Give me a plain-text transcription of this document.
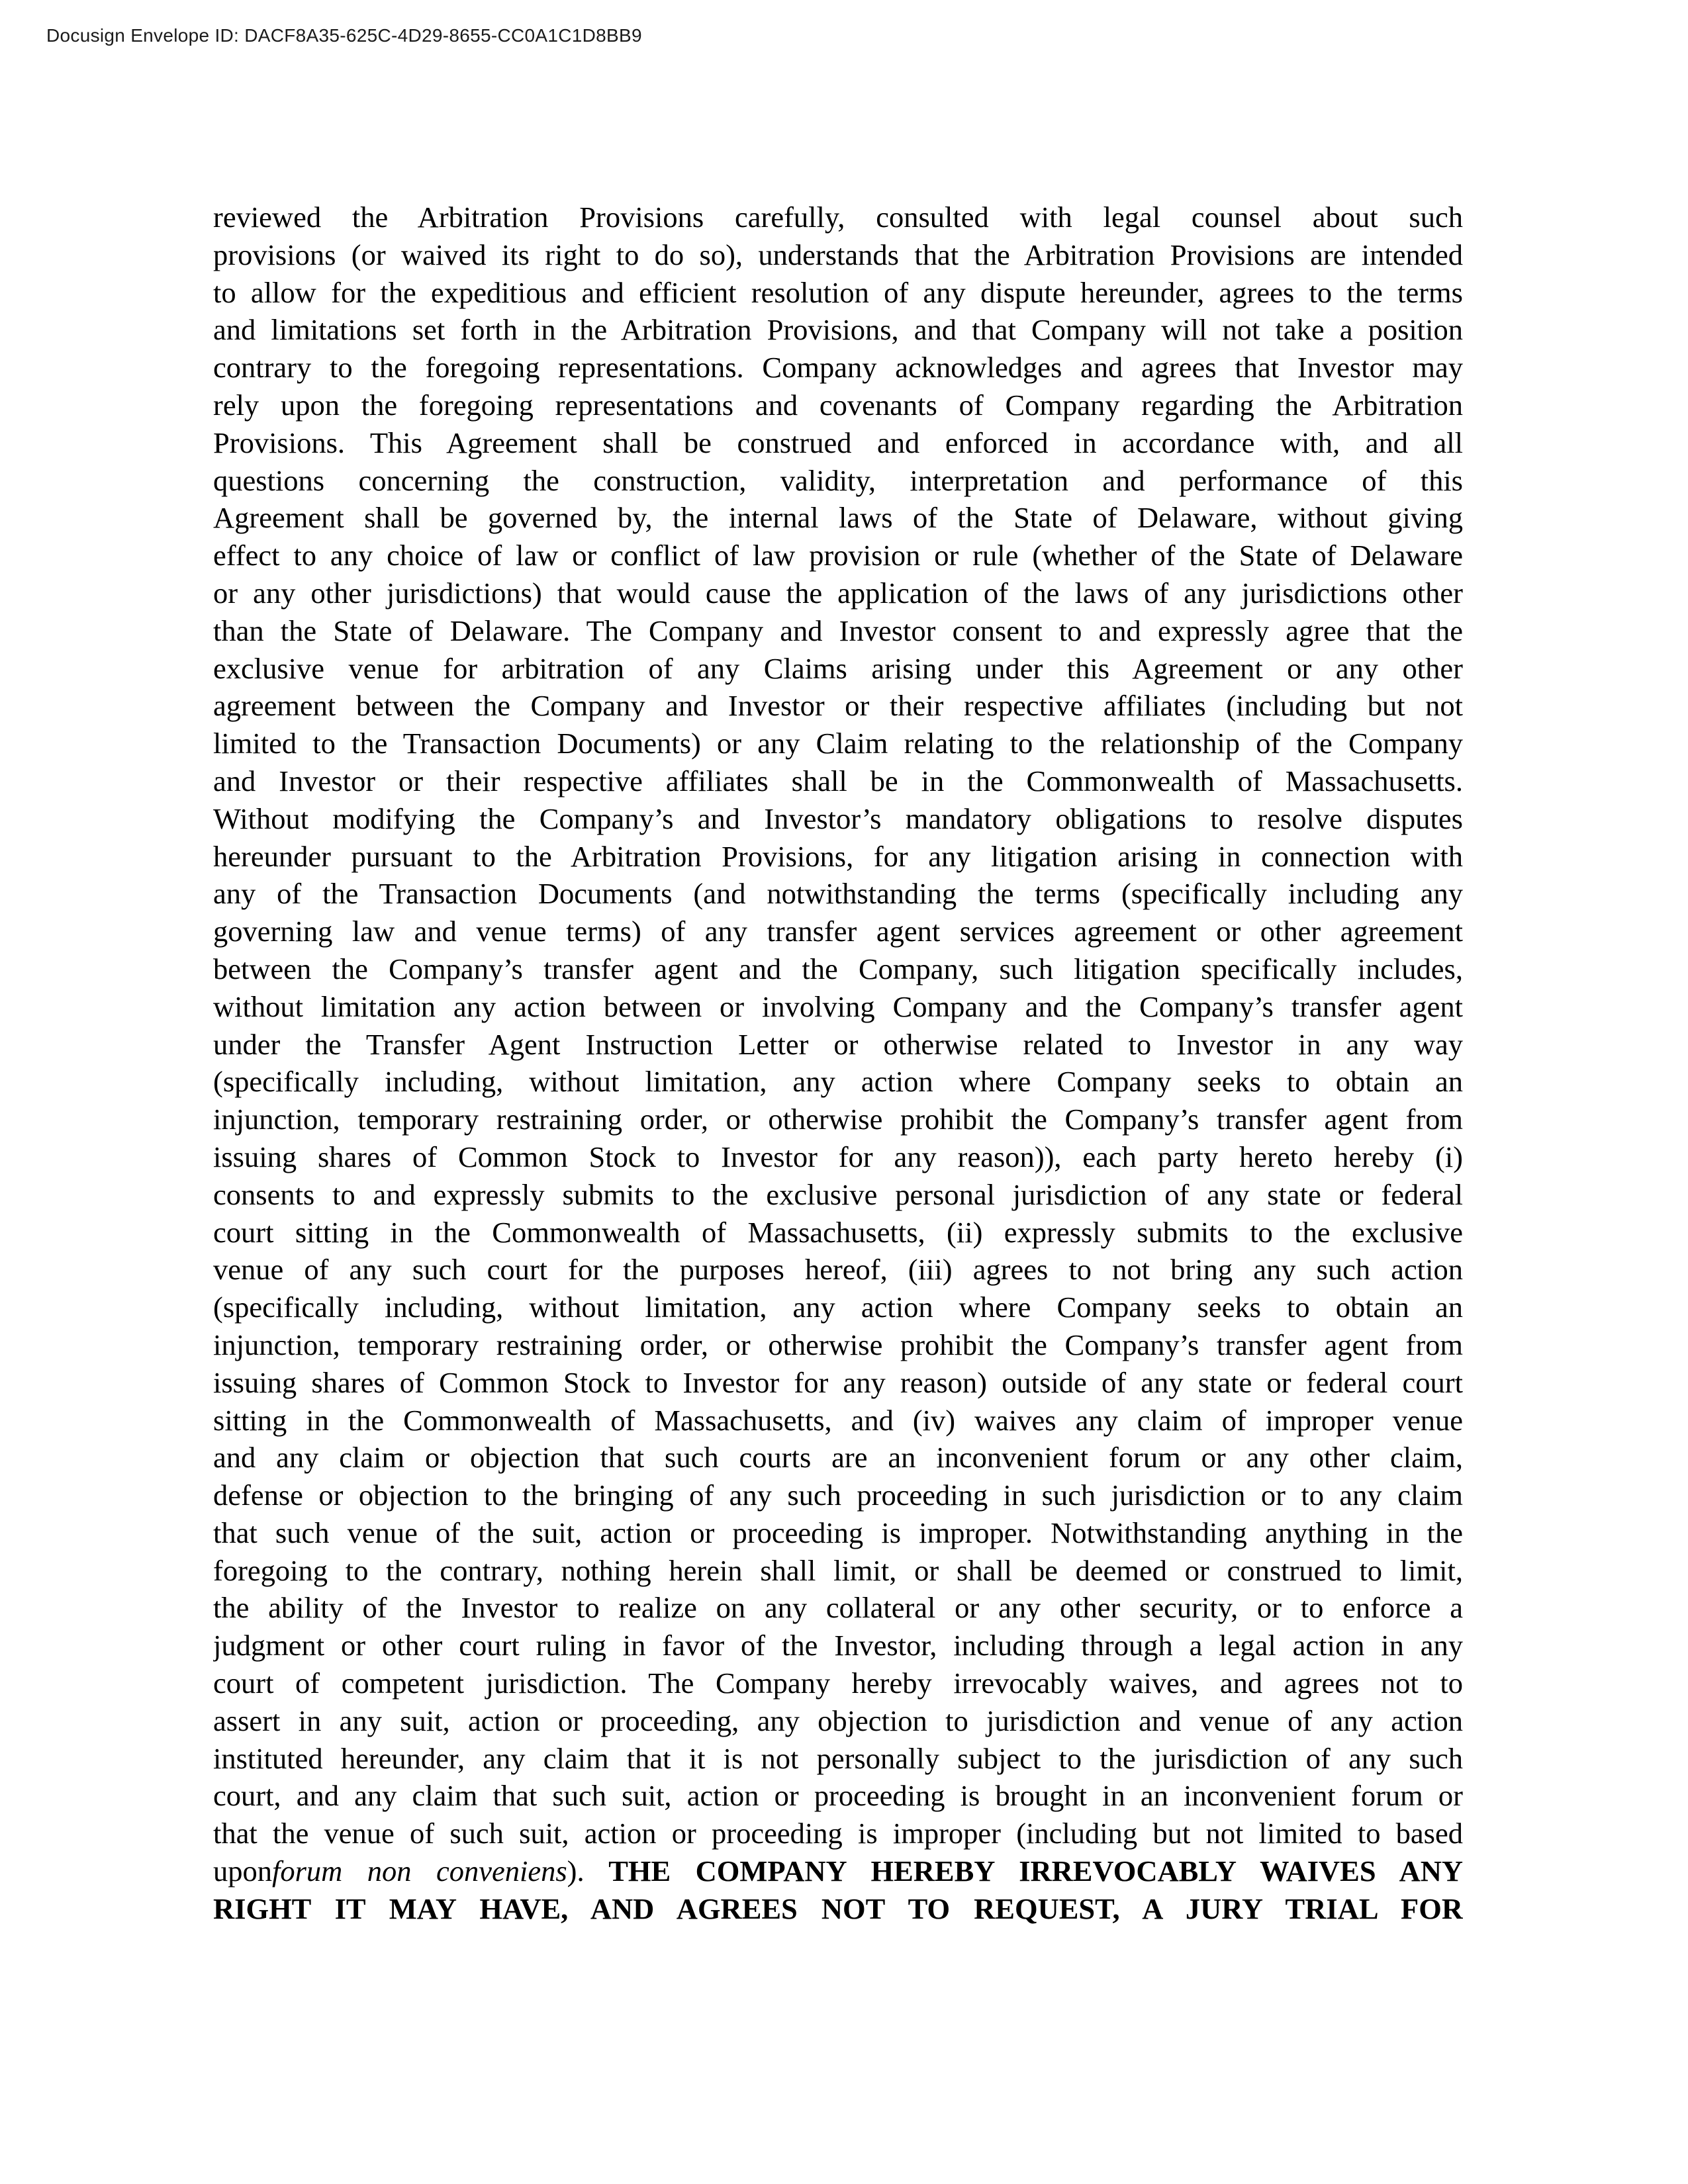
Docusign Envelope ID: DACF8A35-625C-4D29-8655-CC0A1C1D8BB9
reviewed the Arbitration Provisions carefully, consulted with legal counsel about such
provisions (or waived its right to do so), understands that the Arbitration Provisions are intended
to allow for the expeditious and efficient resolution of any dispute hereunder, agrees to the terms
and limitations set forth in the Arbitration Provisions, and that Company will not take a position
contrary to the foregoing representations. Company acknowledges and agrees that Investor may
rely upon the foregoing representations and covenants of Company regarding the Arbitration
Provisions. This Agreement shall be construed and enforced in accordance with, and all
questions concerning the construction, validity, interpretation and performance of this
Agreement shall be governed by, the internal laws of the State of Delaware, without giving
effect to any choice of law or conflict of law provision or rule (whether of the State of Delaware
or any other jurisdictions) that would cause the application of the laws of any jurisdictions other
than the State of Delaware. The Company and Investor consent to and expressly agree that the
exclusive venue for arbitration of any Claims arising under this Agreement or any other
agreement between the Company and Investor or their respective affiliates (including but not
limited to the Transaction Documents) or any Claim relating to the relationship of the Company
and Investor or their respective affiliates shall be in the Commonwealth of Massachusetts.
Without modifying the Company’s and Investor’s mandatory obligations to resolve disputes
hereunder pursuant to the Arbitration Provisions, for any litigation arising in connection with
any of the Transaction Documents (and notwithstanding the terms (specifically including any
governing law and venue terms) of any transfer agent services agreement or other agreement
between the Company’s transfer agent and the Company, such litigation specifically includes,
without limitation any action between or involving Company and the Company’s transfer agent
under the Transfer Agent Instruction Letter or otherwise related to Investor in any way
(specifically including, without limitation, any action where Company seeks to obtain an
injunction, temporary restraining order, or otherwise prohibit the Company’s transfer agent from
issuing shares of Common Stock to Investor for any reason)), each party hereto hereby (i)
consents to and expressly submits to the exclusive personal jurisdiction of any state or federal
court sitting in the Commonwealth of Massachusetts, (ii) expressly submits to the exclusive
venue of any such court for the purposes hereof, (iii) agrees to not bring any such action
(specifically including, without limitation, any action where Company seeks to obtain an
injunction, temporary restraining order, or otherwise prohibit the Company’s transfer agent from
issuing shares of Common Stock to Investor for any reason) outside of any state or federal court
sitting in the Commonwealth of Massachusetts, and (iv) waives any claim of improper venue
and any claim or objection that such courts are an inconvenient forum or any other claim,
defense or objection to the bringing of any such proceeding in such jurisdiction or to any claim
that such venue of the suit, action or proceeding is improper. Notwithstanding anything in the
foregoing to the contrary, nothing herein shall limit, or shall be deemed or construed to limit,
the ability of the Investor to realize on any collateral or any other security, or to enforce a
judgment or other court ruling in favor of the Investor, including through a legal action in any
court of competent jurisdiction. The Company hereby irrevocably waives, and agrees not to
assert in any suit, action or proceeding, any objection to jurisdiction and venue of any action
instituted hereunder, any claim that it is not personally subject to the jurisdiction of any such
court, and any claim that such suit, action or proceeding is brought in an inconvenient forum or
that the venue of such suit, action or proceeding is improper (including but not limited to based
uponforum non conveniens). THE COMPANY HEREBY IRREVOCABLY WAIVES ANY
RIGHT IT MAY HAVE, AND AGREES NOT TO REQUEST, A JURY TRIAL FOR
